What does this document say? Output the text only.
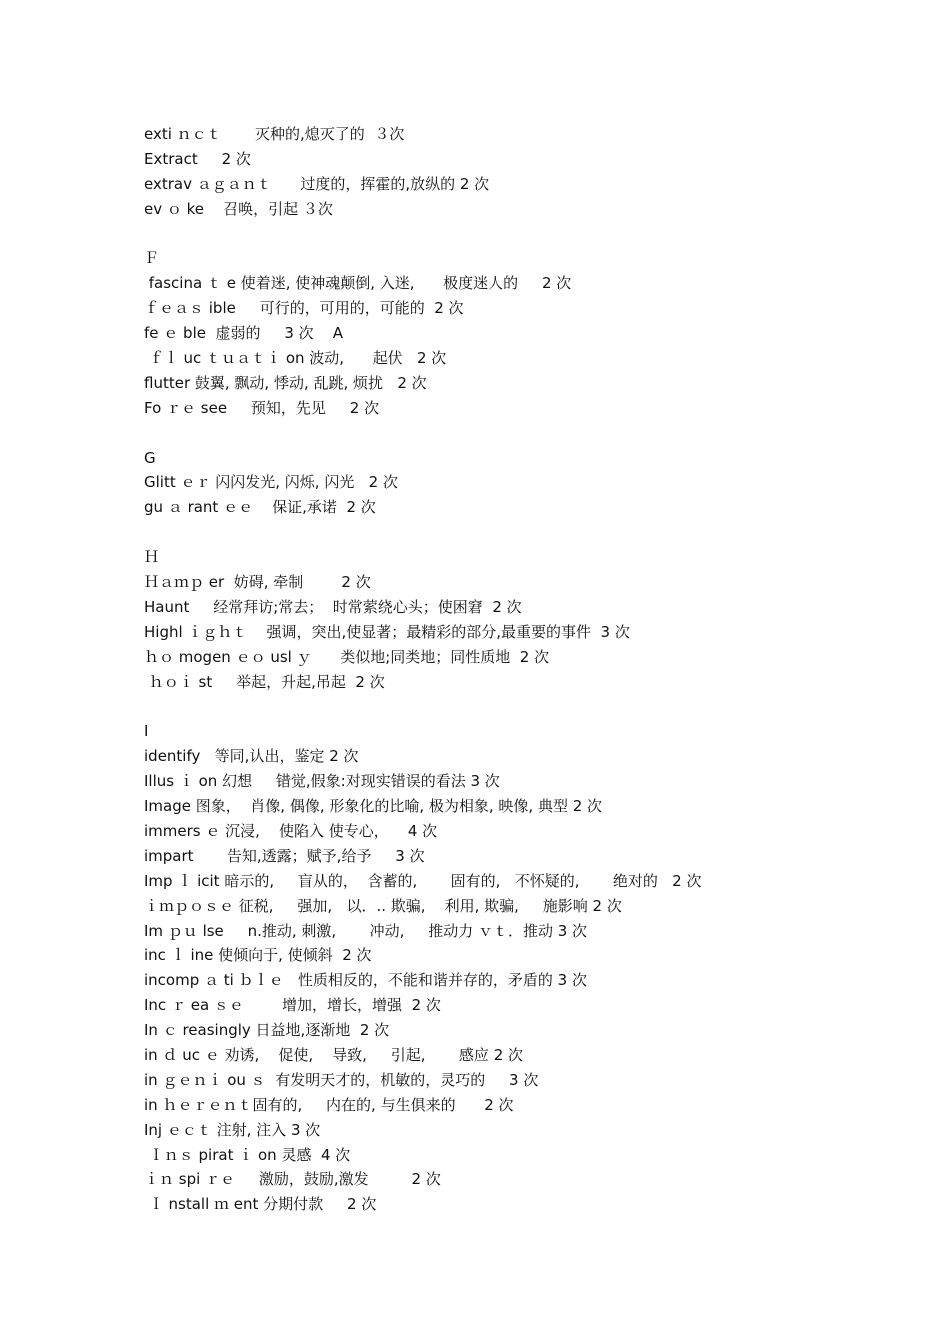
exti ｎｃｔ       灭种的,熄灭了的  ３次
Extract     2 次
extrav ａｇａｎｔ      过度的，挥霍的,放纵的 2 次
ev ｏ ke    召唤，引起 ３次
Ｆ
fascina ｔ e 使着迷, 使神魂颠倒, 入迷,      极度迷人的     2 次
ｆｅａｓ ible     可行的，可用的，可能的  2 次
fe ｅ ble  虚弱的     3 次    A
ｆｌ uc ｔｕａｔｉ on 波动,      起伏   2 次
flutter 鼓翼, 飘动, 悸动, 乱跳, 烦扰   2 次
Fo ｒｅ see     预知，先见     2 次
G
Glitt ｅｒ 闪闪发光, 闪烁, 闪光   2 次
gu ａ rant ｅｅ    保证,承诺  2 次
Ｈ
Ｈａｍｐ er  妨碍, 牵制        2 次
Haunt     经常拜访;常去；  时常萦绕心头；使困窘  2 次
Highl ｉｇｈｔ    强调，突出,使显著；最精彩的部分,最重要的事件  3 次
ｈｏ mogen ｅｏ usl ｙ      类似地;同类地；同性质地  2 次
ｈｏｉ st     举起，升起,吊起  2 次
I
identify   等同,认出，鉴定 2 次
Illus ｉ on 幻想     错觉,假象:对现实错误的看法 3 次
Image 图象，  肖像, 偶像, 形象化的比喻, 极为相象, 映像, 典型 2 次
immers ｅ 沉浸,    使陷入 使专心，    4 次
impart       告知,透露；赋予,给予     3 次
Imp ｌ icit 暗示的,     盲从的，  含蓄的,       固有的,   不怀疑的,       绝对的   2 次
ｉｍｐｏｓｅ 征税,     强加,   以．.. 欺骗,    利用, 欺骗,     施影响 2 次
Im ｐｕ lse     n.推动, 刺激,       冲动,     推动力 ｖｔ．推动 3 次
inc ｌ ine 使倾向于, 使倾斜  2 次
incomp ａ ti ｂｌｅ   性质相反的，不能和谐并存的，矛盾的 3 次
Inc ｒ ea ｓｅ        增加，增长，增强  2 次
In ｃ reasingly 日益地,逐渐地  2 次
in ｄ uc ｅ 劝诱,    促使,    导致,     引起,       感应 2 次
in ｇｅｎｉ ou ｓ  有发明天才的，机敏的，灵巧的     3 次
in ｈｅｒｅｎｔ固有的,     内在的, 与生俱来的      2 次
Inj ｅｃｔ 注射, 注入 3 次
Ｉｎｓ pirat ｉ on 灵感  4 次
ｉｎ spi ｒｅ     激励，鼓励,激发         2 次
Ｉ nstall ｍ ent 分期付款     2 次
